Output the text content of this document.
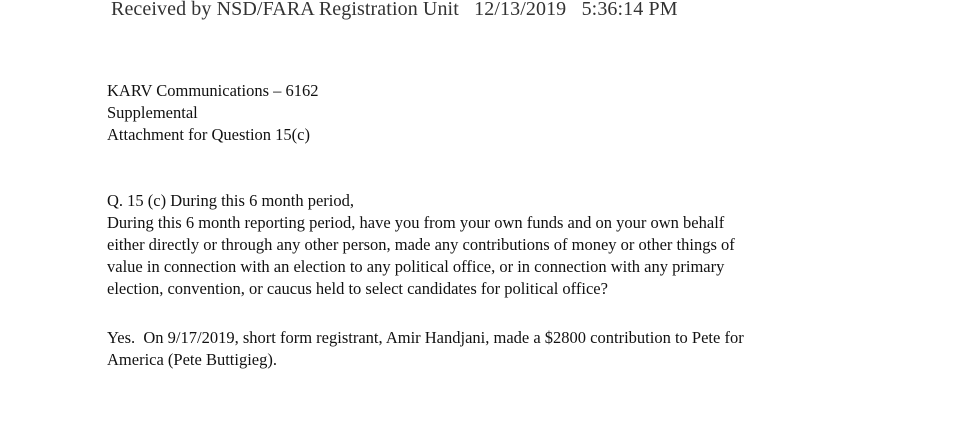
Received by NSD/FARA Registration Unit   12/13/2019   5:36:14 PM
KARV Communications – 6162
Supplemental
Attachment for Question 15(c)
Q. 15 (c) During this 6 month period,
During this 6 month reporting period, have you from your own funds and on your own behalf
either directly or through any other person, made any contributions of money or other things of
value in connection with an election to any political office, or in connection with any primary
election, convention, or caucus held to select candidates for political office?
Yes.  On 9/17/2019, short form registrant, Amir Handjani, made a $2800 contribution to Pete for
America (Pete Buttigieg).
